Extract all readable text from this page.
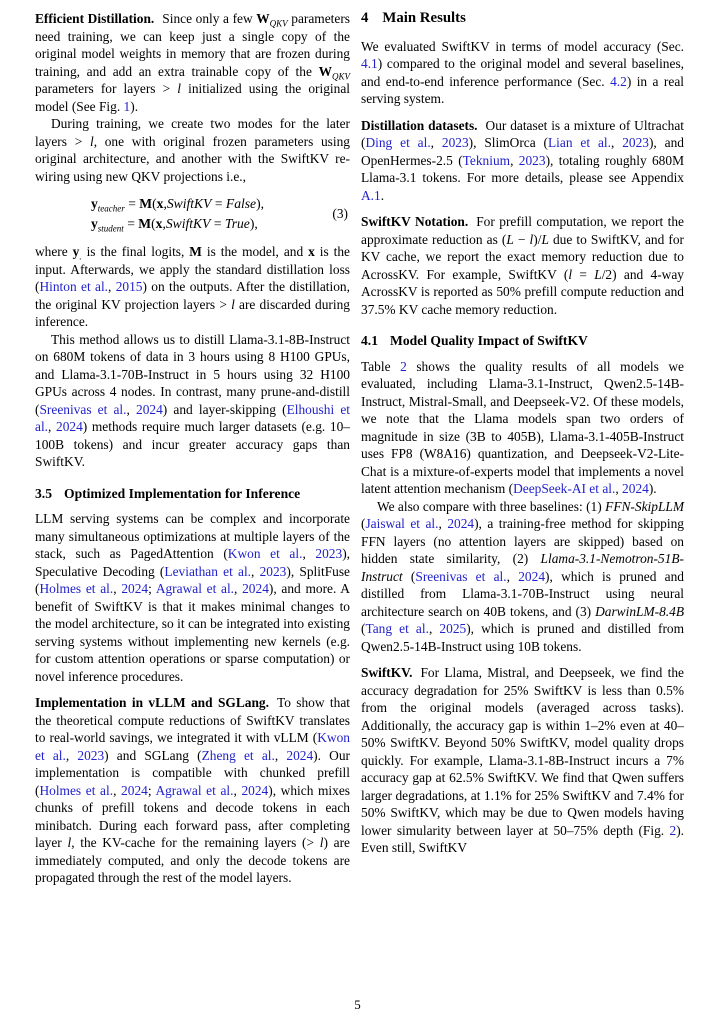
Efficient Distillation. Since only a few $W_{QKV}$ parameters need training, we can keep just a single copy of the original model weights in memory that are frozen during training, and add an extra trainable copy of the $W_{QKV}$ parameters for layers > l initialized using the original model (See Fig. 1).

During training, we create two modes for the later layers > l, one with original frozen parameters using original architecture, and another with the SwiftKV re-wiring using new QKV projections i.e.,

$y_{teacher}$ = M(x,SwiftKV = False),
$y_{student}$ = M(x,SwiftKV = True),
(3)

where $y_.$ is the final logits, M is the model, and x is the input. Afterwards, we apply the standard distillation loss (Hinton et al., 2015) on the outputs. After the distillation, the original KV projection layers > l are discarded during inference.

This method allows us to distill Llama-3.1-8B-Instruct on 680M tokens of data in 3 hours using 8 H100 GPUs, and Llama-3.1-70B-Instruct in 5 hours using 32 H100 GPUs across 4 nodes. In contrast, many prune-and-distill (Sreenivas et al., 2024) and layer-skipping (Elhoushi et al., 2024) methods require much larger datasets (e.g. 10–100B tokens) and incur greater accuracy gaps than SwiftKV.

3.5 Optimized Implementation for Inference

LLM serving systems can be complex and incorporate many simultaneous optimizations at multiple layers of the stack, such as PagedAttention (Kwon et al., 2023), Speculative Decoding (Leviathan et al., 2023), SplitFuse (Holmes et al., 2024; Agrawal et al., 2024), and more. A benefit of SwiftKV is that it makes minimal changes to the model architecture, so it can be integrated into existing serving systems without implementing new kernels (e.g. for custom attention operations or sparse computation) or novel inference procedures.

Implementation in vLLM and SGLang. To show that the theoretical compute reductions of SwiftKV translates to real-world savings, we integrated it with vLLM (Kwon et al., 2023) and SGLang (Zheng et al., 2024). Our implementation is compatible with chunked prefill (Holmes et al., 2024; Agrawal et al., 2024), which mixes chunks of prefill tokens and decode tokens in each minibatch. During each forward pass, after completing layer l, the KV-cache for the remaining layers (> l) are immediately computed, and only the decode tokens are propagated through the rest of the model layers.

4 Main Results

We evaluated SwiftKV in terms of model accuracy (Sec. 4.1) compared to the original model and several baselines, and end-to-end inference performance (Sec. 4.2) in a real serving system.

Distillation datasets. Our dataset is a mixture of Ultrachat (Ding et al., 2023), SlimOrca (Lian et al., 2023), and OpenHermes-2.5 (Teknium, 2023), totaling roughly 680M Llama-3.1 tokens. For more details, please see Appendix A.1.

SwiftKV Notation. For prefill computation, we report the approximate reduction as (L − l)/L due to SwiftKV, and for KV cache, we report the exact memory reduction due to AcrossKV. For example, SwiftKV (l = L/2) and 4-way AcrossKV is reported as 50% prefill compute reduction and 37.5% KV cache memory reduction.

4.1 Model Quality Impact of SwiftKV

Table 2 shows the quality results of all models we evaluated, including Llama-3.1-Instruct, Qwen2.5-14B-Instruct, Mistral-Small, and Deepseek-V2. Of these models, we note that the Llama models span two orders of magnitude in size (3B to 405B), Llama-3.1-405B-Instruct uses FP8 (W8A16) quantization, and Deepseek-V2-Lite-Chat is a mixture-of-experts model that implements a novel latent attention mechanism (DeepSeek-AI et al., 2024).

We also compare with three baselines: (1) FFN-SkipLLM (Jaiswal et al., 2024), a training-free method for skipping FFN layers (no attention layers are skipped) based on hidden state similarity, (2) Llama-3.1-Nemotron-51B-Instruct (Sreenivas et al., 2024), which is pruned and distilled from Llama-3.1-70B-Instruct using neural architecture search on 40B tokens, and (3) DarwinLM-8.4B (Tang et al., 2025), which is pruned and distilled from Qwen2.5-14B-Instruct using 10B tokens.

SwiftKV. For Llama, Mistral, and Deepseek, we find the accuracy degradation for 25% SwiftKV is less than 0.5% from the original models (averaged across tasks). Additionally, the accuracy gap is within 1–2% even at 40–50% SwiftKV. Beyond 50% SwiftKV, model quality drops quickly. For example, Llama-3.1-8B-Instruct incurs a 7% accuracy gap at 62.5% SwiftKV. We find that Qwen suffers larger degradations, at 1.1% for 25% SwiftKV and 7.4% for 50% SwiftKV, which may be due to Qwen models having lower simularity between layer at 50–75% depth (Fig. 2). Even still, SwiftKV

5
